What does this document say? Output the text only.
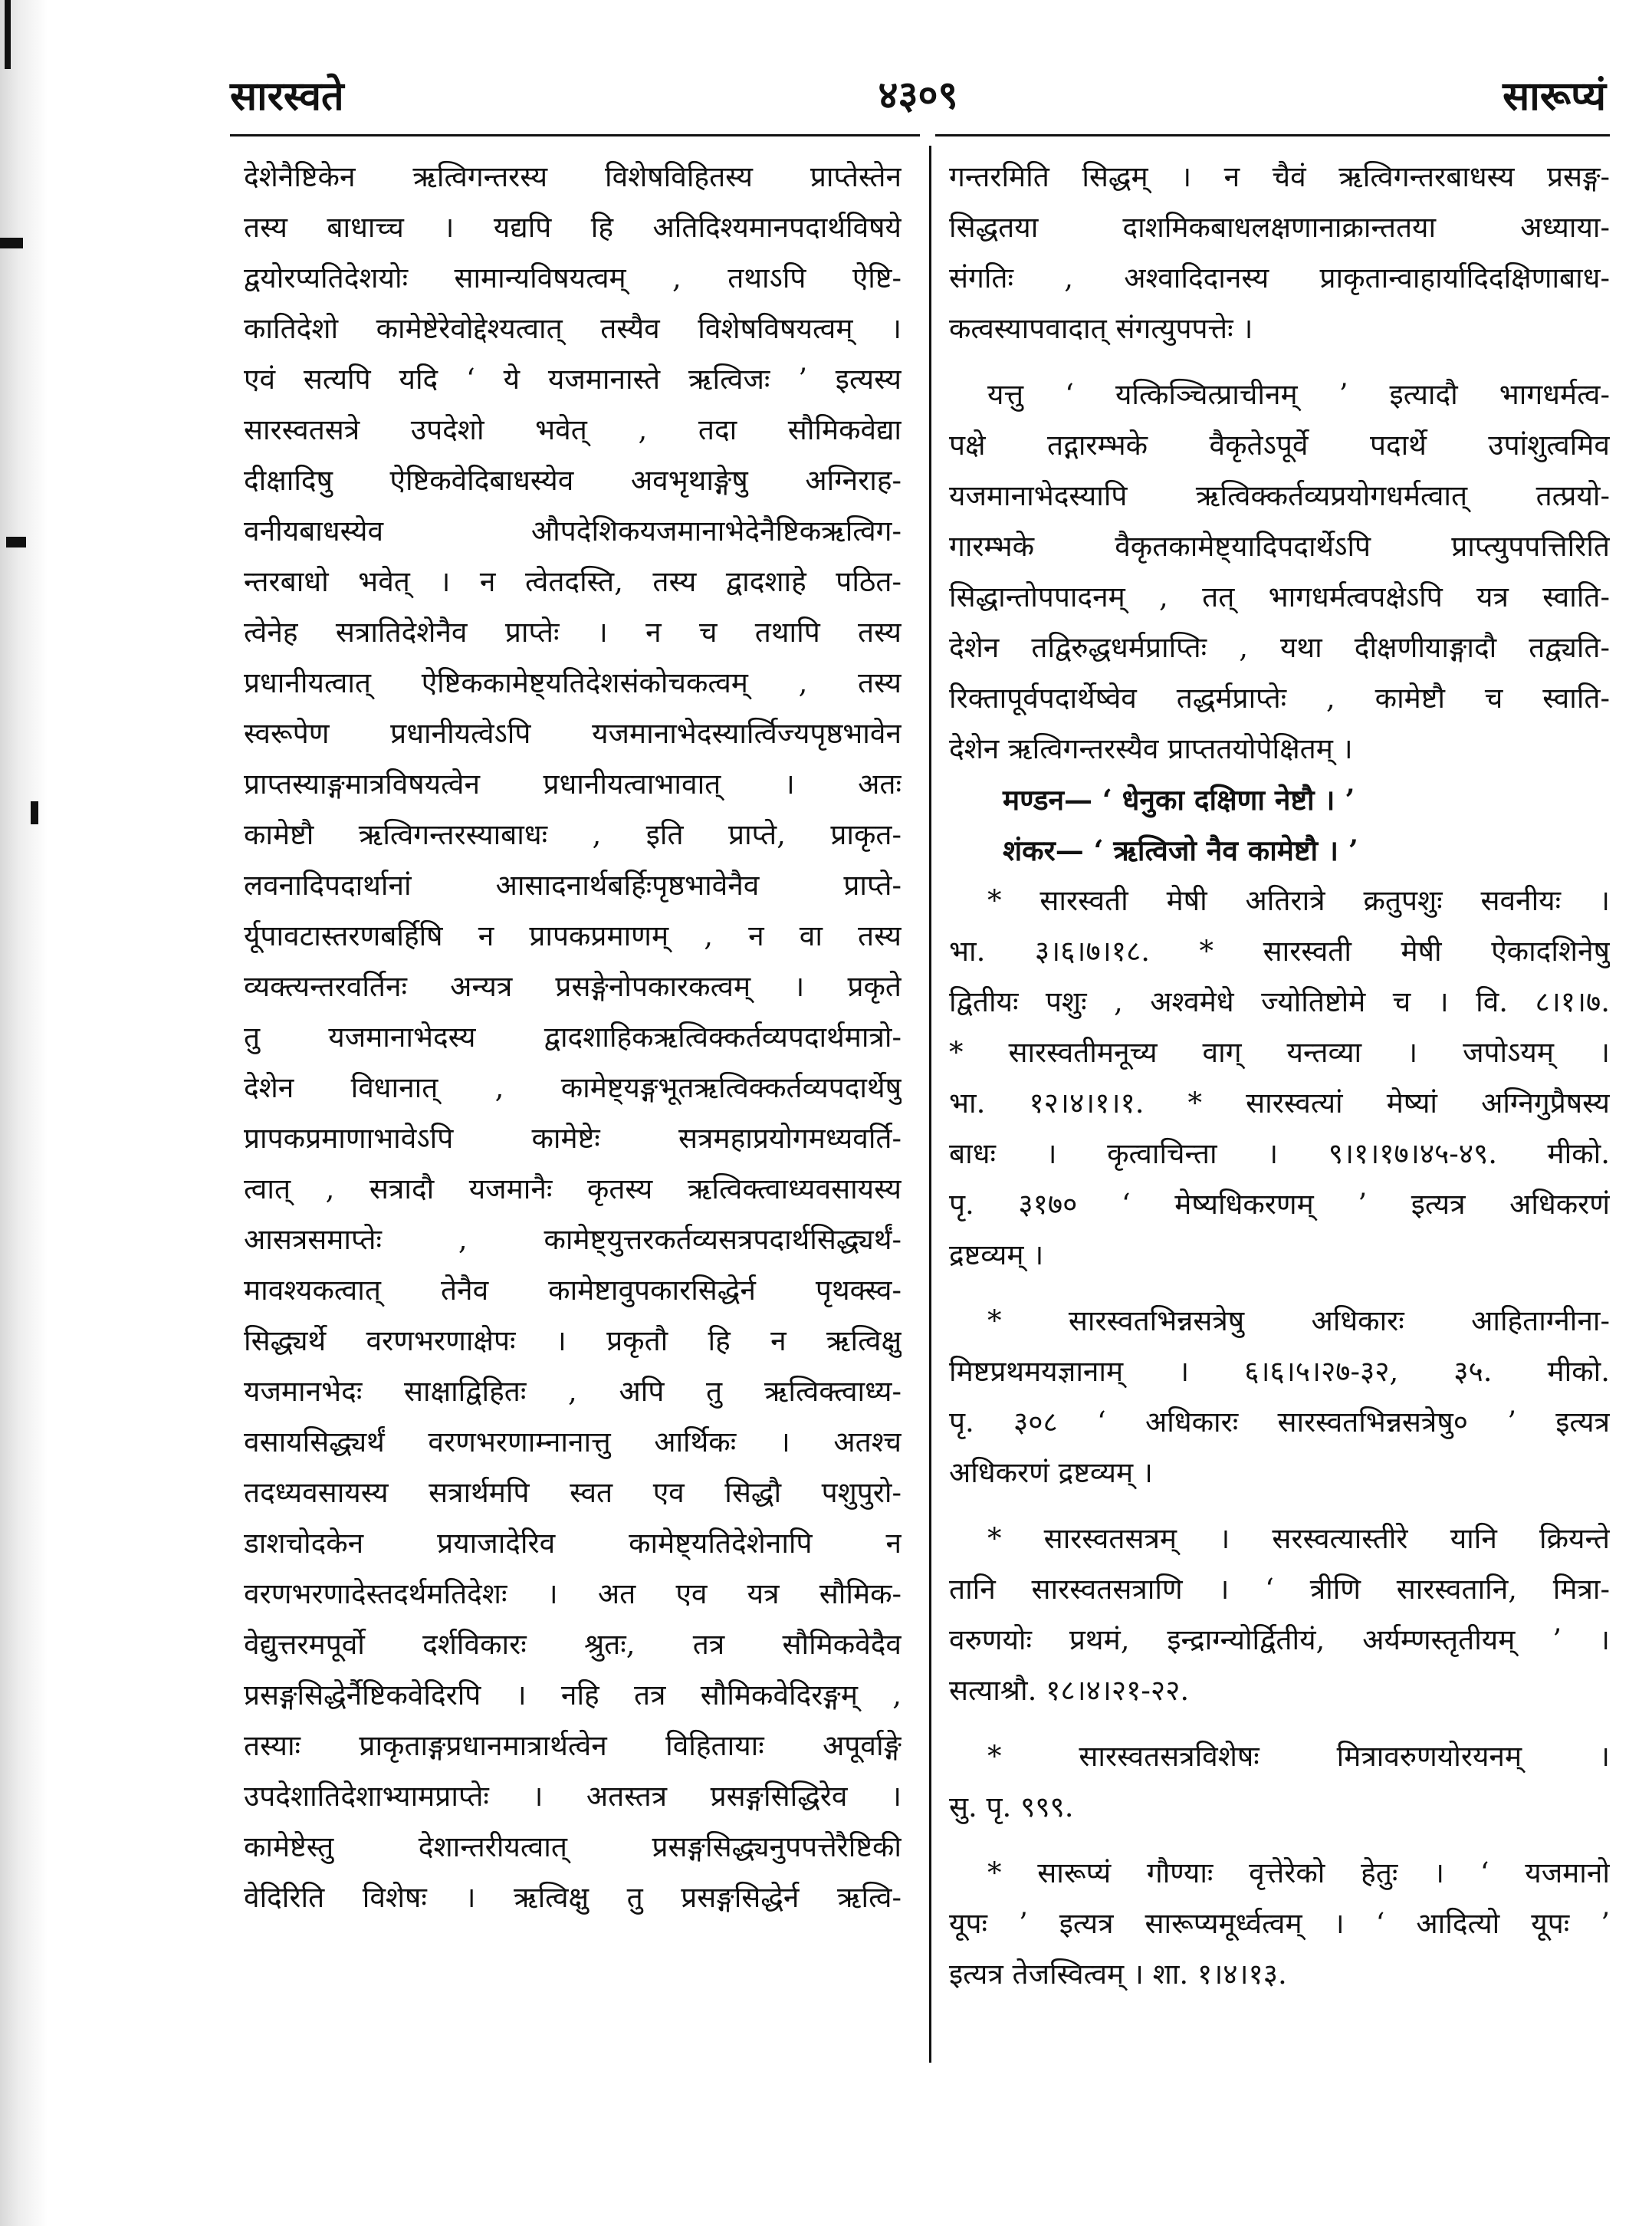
४३०९
सारस्वते	सारूप्यं
देशेनैष्टिकेन ऋत्विगन्तरस्य विशेषविहितस्य प्राप्तेस्तेन
तस्य बाधाच्च । यद्यपि हि अतिदिश्यमानपदार्थविषये
द्वयोरप्यतिदेशयोः सामान्यविषयत्वम् , तथाऽपि ऐष्टि-
कातिदेशो कामेष्टेरेवोद्देश्यत्वात् तस्यैव विशेषविषयत्वम् ।
एवं सत्यपि यदि ‘ ये यजमानास्ते ऋत्विजः ’ इत्यस्य
सारस्वतसत्रे उपदेशो भवेत् , तदा सौमिकवेद्या
दीक्षादिषु ऐष्टिकवेदिबाधस्येव अवभृथाङ्गेषु अग्निराह-
वनीयबाधस्येव औपदेशिकयजमानाभेदेनैष्टिकऋत्विग-
न्तरबाधो भवेत् । न त्वेतदस्ति, तस्य द्वादशाहे पठित-
त्वेनेह सत्रातिदेशेनैव प्राप्तेः । न च तथापि तस्य
प्रधानीयत्वात् ऐष्टिककामेष्ट्यतिदेशसंकोचकत्वम् , तस्य
स्वरूपेण प्रधानीयत्वेऽपि यजमानाभेदस्यार्त्विज्यपृष्ठभावेन
प्राप्तस्याङ्गमात्रविषयत्वेन प्रधानीयत्वाभावात् । अतः
कामेष्टौ ऋत्विगन्तरस्याबाधः , इति प्राप्ते, प्राकृत-
लवनादिपदार्थानां आसादनार्थबर्हिःपृष्ठभावेनैव प्राप्ते-
र्यूपावटास्तरणबर्हिषि न प्रापकप्रमाणम् , न वा तस्य
व्यक्त्यन्तरवर्तिनः अन्यत्र प्रसङ्गेनोपकारकत्वम् । प्रकृते
तु यजमानाभेदस्य द्वादशाहिकऋत्विक्कर्तव्यपदार्थमात्रो-
देशेन विधानात् , कामेष्ट्यङ्गभूतऋत्विक्कर्तव्यपदार्थेषु
प्रापकप्रमाणाभावेऽपि कामेष्टेः सत्रमहाप्रयोगमध्यवर्ति-
त्वात् , सत्रादौ यजमानैः कृतस्य ऋत्विक्त्वाध्यवसायस्य
आसत्रसमाप्तेः , कामेष्ट्युत्तरकर्तव्यसत्रपदार्थसिद्ध्यर्थं-
मावश्यकत्वात् तेनैव कामेष्टावुपकारसिद्धेर्न पृथक्स्व-
सिद्ध्यर्थे वरणभरणाक्षेपः । प्रकृतौ हि न ऋत्विक्षु
यजमानभेदः साक्षाद्विहितः , अपि तु ऋत्विक्त्वाध्य-
वसायसिद्ध्यर्थं वरणभरणाम्नानात्तु आर्थिकः । अतश्च
तदध्यवसायस्य सत्रार्थमपि स्वत एव सिद्धौ पशुपुरो-
डाशचोदकेन प्रयाजादेरिव कामेष्ट्यतिदेशेनापि न
वरणभरणादेस्तदर्थमतिदेशः । अत एव यत्र सौमिक-
वेद्युत्तरमपूर्वो दर्शविकारः श्रुतः, तत्र सौमिकवेदैव
प्रसङ्गसिद्धेर्नैष्टिकवेदिरपि । नहि तत्र सौमिकवेदिरङ्गम् ,
तस्याः प्राकृताङ्गप्रधानमात्रार्थत्वेन विहितायाः अपूर्वाङ्गे
उपदेशातिदेशाभ्यामप्राप्तेः । अतस्तत्र प्रसङ्गसिद्धिरेव ।
कामेष्टेस्तु देशान्तरीयत्वात् प्रसङ्गसिद्ध्यनुपपत्तेरैष्टिकी
वेदिरिति विशेषः । ऋत्विक्षु तु प्रसङ्गसिद्धेर्न ऋत्वि-
गन्तरमिति सिद्धम् । न चैवं ऋत्विगन्तरबाधस्य प्रसङ्ग-
सिद्धतया दाशमिकबाधलक्षणानाक्रान्ततया अध्याया-
संगतिः , अश्वादिदानस्य प्राकृतान्वाहार्यादिदक्षिणाबाध-
कत्वस्यापवादात् संगत्युपपत्तेः ।
यत्तु ‘ यत्किञ्चित्प्राचीनम् ’ इत्यादौ भागधर्मत्व-
पक्षे तद्गारम्भके वैकृतेऽपूर्वे पदार्थे उपांशुत्वमिव
यजमानाभेदस्यापि ऋत्विक्कर्तव्यप्रयोगधर्मत्वात् तत्प्रयो-
गारम्भके वैकृतकामेष्ट्यादिपदार्थेऽपि प्राप्त्युपपत्तिरिति
सिद्धान्तोपपादनम् , तत् भागधर्मत्वपक्षेऽपि यत्र स्वाति-
देशेन तद्विरुद्धधर्मप्राप्तिः , यथा दीक्षणीयाङ्गादौ तद्व्यति-
रिक्तापूर्वपदार्थेष्वेव तद्धर्मप्राप्तेः , कामेष्टौ च स्वाति-
देशेन ऋत्विगन्तरस्यैव प्राप्ततयोपेक्षितम् ।
मण्डन— ‘ धेनुका दक्षिणा नेष्टौ । ’
शंकर— ‘ ऋत्विजो नैव कामेष्टौ । ’
* सारस्वती मेषी अतिरात्रे क्रतुपशुः सवनीयः ।
भा. ३।६।७।१८. * सारस्वती मेषी ऐकादशिनेषु
द्वितीयः पशुः , अश्वमेधे ज्योतिष्टोमे च । वि. ८।१।७.
* सारस्वतीमनूच्य वाग् यन्तव्या । जपोऽयम् ।
भा. १२।४।१।१. * सारस्वत्यां मेष्यां अग्निगुप्रैषस्य
बाधः । कृत्वाचिन्ता । ९।१।१७।४५-४९. मीको.
पृ. ३१७० ‘ मेष्यधिकरणम् ’ इत्यत्र अधिकरणं
द्रष्टव्यम् ।
* सारस्वतभिन्नसत्रेषु अधिकारः आहिताग्नीना-
मिष्टप्रथमयज्ञानाम् । ६।६।५।२७-३२, ३५. मीको.
पृ. ३०८ ‘ अधिकारः सारस्वतभिन्नसत्रेषु० ’ इत्यत्र
अधिकरणं द्रष्टव्यम् ।
* सारस्वतसत्रम् । सरस्वत्यास्तीरे यानि क्रियन्ते
तानि सारस्वतसत्राणि । ‘ त्रीणि सारस्वतानि, मित्रा-
वरुणयोः प्रथमं, इन्द्राग्न्योर्द्वितीयं, अर्यम्णस्तृतीयम् ’ ।
सत्याश्रौ. १८।४।२१-२२.
* सारस्वतसत्रविशेषः मित्रावरुणयोरयनम् ।
सु. पृ. ९९९.
* सारूप्यं गौण्याः वृत्तेरेको हेतुः । ‘ यजमानो
यूपः ’ इत्यत्र सारूप्यमूर्ध्वत्वम् । ‘ आदित्यो यूपः ’
इत्यत्र तेजस्वित्वम् । शा. १।४।१३.
